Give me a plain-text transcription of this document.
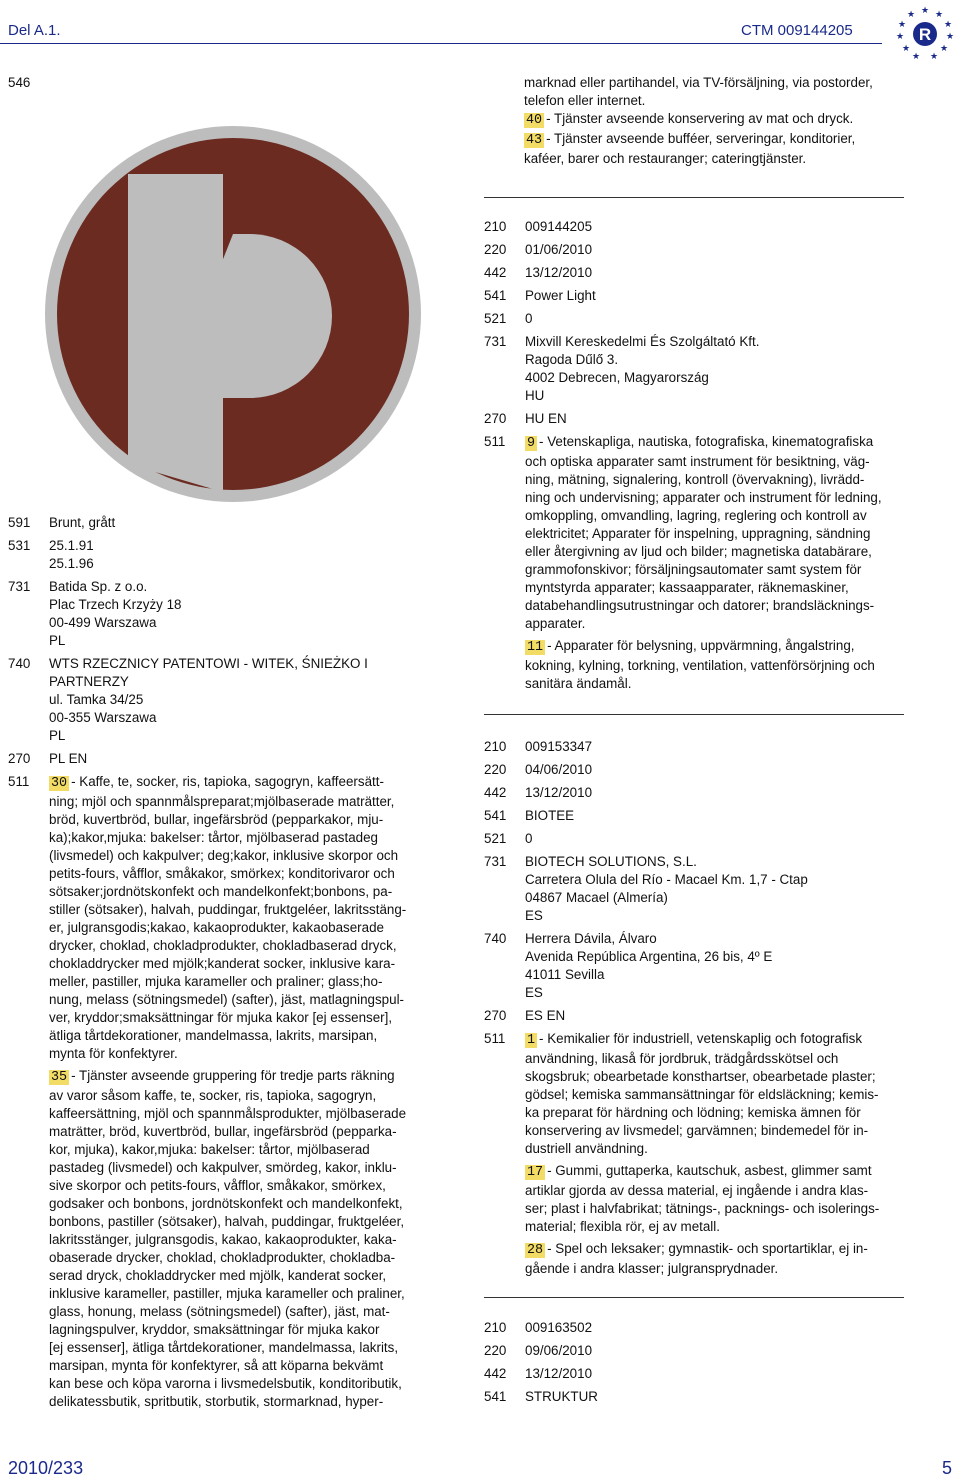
Del A.1.	CTM 009144205
★ ★
★
★
★
★
★
★
★
★
★
R
546	marknad eller partihandel, via TV-försäljning, via postorder,
telefon eller internet.
40 - Tjänster avseende konservering av mat och dryck.
43 - Tjänster avseende bufféer, serveringar, konditorier,
kaféer, barer och restauranger; cateringtjänster.
591	Brunt, grått
531	25.1.91
25.1.96
731	Batida Sp. z o.o.
Plac Trzech Krzyży 18
00-499 Warszawa
PL
740	WTS RZECZNICY PATENTOWI - WITEK, ŚNIEŻKO I
PARTNERZY
ul. Tamka 34/25
00-355 Warszawa
PL
270	PL EN
511	30 - Kaffe, te, socker, ris, tapioka, sagogryn, kaffeersätt-
ning; mjöl och spannmålspreparat;mjölbaserade maträtter,
bröd, kuvertbröd, bullar, ingefärsbröd (pepparkakor, mju-
ka);kakor,mjuka: bakelser: tårtor, mjölbaserad pastadeg
(livsmedel) och kakpulver; deg;kakor, inklusive skorpor och
petits-fours, våfflor, småkakor, smörkex; konditorivaror och
sötsaker;jordnötskonfekt och mandelkonfekt;bonbons, pa-
stiller (sötsaker), halvah, puddingar, fruktgeléer, lakritsstäng-
er, julgransgodis;kakao, kakaoprodukter, kakaobaserade
drycker, choklad, chokladprodukter, chokladbaserad dryck,
chokladdrycker med mjölk;kanderat socker, inklusive kara-
meller, pastiller, mjuka karameller och praliner; glass;ho-
nung, melass (sötningsmedel) (safter), jäst, matlagningspul-
ver, kryddor;smaksättningar för mjuka kakor [ej essenser],
ätliga tårtdekorationer, mandelmassa, lakrits, marsipan,
mynta för konfektyrer.
35 - Tjänster avseende gruppering för tredje parts räkning
av varor såsom kaffe, te, socker, ris, tapioka, sagogryn,
kaffeersättning, mjöl och spannmålsprodukter, mjölbaserade
maträtter, bröd, kuvertbröd, bullar, ingefärsbröd (pepparka-
kor, mjuka), kakor,mjuka: bakelser: tårtor, mjölbaserad
pastadeg (livsmedel) och kakpulver, smördeg, kakor, inklu-
sive skorpor och petits-fours, våfflor, småkakor, smörkex,
godsaker och bonbons, jordnötskonfekt och mandelkonfekt,
bonbons, pastiller (sötsaker), halvah, puddingar, fruktgeléer,
lakritsstänger, julgransgodis, kakao, kakaoprodukter, kaka-
obaserade drycker, choklad, chokladprodukter, chokladba-
serad dryck, chokladdrycker med mjölk, kanderat socker,
inklusive karameller, pastiller, mjuka karameller och praliner,
glass, honung, melass (sötningsmedel) (safter), jäst, mat-
lagningspulver, kryddor, smaksättningar för mjuka kakor
[ej essenser], ätliga tårtdekorationer, mandelmassa, lakrits,
marsipan, mynta för konfektyrer, så att köparna bekvämt
kan bese och köpa varorna i livsmedelsbutik, konditoributik,
delikatessbutik, spritbutik, storbutik, stormarknad, hyper-
210	009144205
220	01/06/2010
442	13/12/2010
541	Power Light
521	0
731	Mixvill Kereskedelmi És Szolgáltató Kft.
Ragoda Dűlő 3.
4002 Debrecen, Magyarország
HU
270	HU EN
511	9 - Vetenskapliga, nautiska, fotografiska, kinematografiska
och optiska apparater samt instrument för besiktning, väg-
ning, mätning, signalering, kontroll (övervakning), livrädd-
ning och undervisning; apparater och instrument för ledning,
omkoppling, omvandling, lagring, reglering och kontroll av
elektricitet; Apparater för inspelning, uppragning, sändning
eller återgivning av ljud och bilder; magnetiska databärare,
grammofonskivor; försäljningsautomater samt system för
myntstyrda apparater; kassaapparater, räknemaskiner,
databehandlingsutrustningar och datorer; brandsläcknings-
apparater.
11 - Apparater för belysning, uppvärmning, ångalstring,
kokning, kylning, torkning, ventilation, vattenförsörjning och
sanitära ändamål.
210	009153347
220	04/06/2010
442	13/12/2010
541	BIOTEE
521	0
731	BIOTECH SOLUTIONS, S.L.
Carretera Olula del Río - Macael Km. 1,7 - Ctap
04867 Macael (Almería)
ES
740	Herrera Dávila, Álvaro
Avenida República Argentina, 26 bis, 4º E
41011 Sevilla
ES
270	ES EN
511	1 - Kemikalier för industriell, vetenskaplig och fotografisk
användning, likaså för jordbruk, trädgårdsskötsel och
skogsbruk; obearbetade konsthartser, obearbetade plaster;
gödsel; kemiska sammansättningar för eldsläckning; kemis-
ka preparat för härdning och lödning; kemiska ämnen för
konservering av livsmedel; garvämnen; bindemedel för in-
dustriell användning.
17 - Gummi, guttaperka, kautschuk, asbest, glimmer samt
artiklar gjorda av dessa material, ej ingående i andra klas-
ser; plast i halvfabrikat; tätnings-, packnings- och isolerings-
material; flexibla rör, ej av metall.
28 - Spel och leksaker; gymnastik- och sportartiklar, ej in-
gående i andra klasser; julgransprydnader.
210	009163502
220	09/06/2010
442	13/12/2010
541	STRUKTUR
2010/233	5
